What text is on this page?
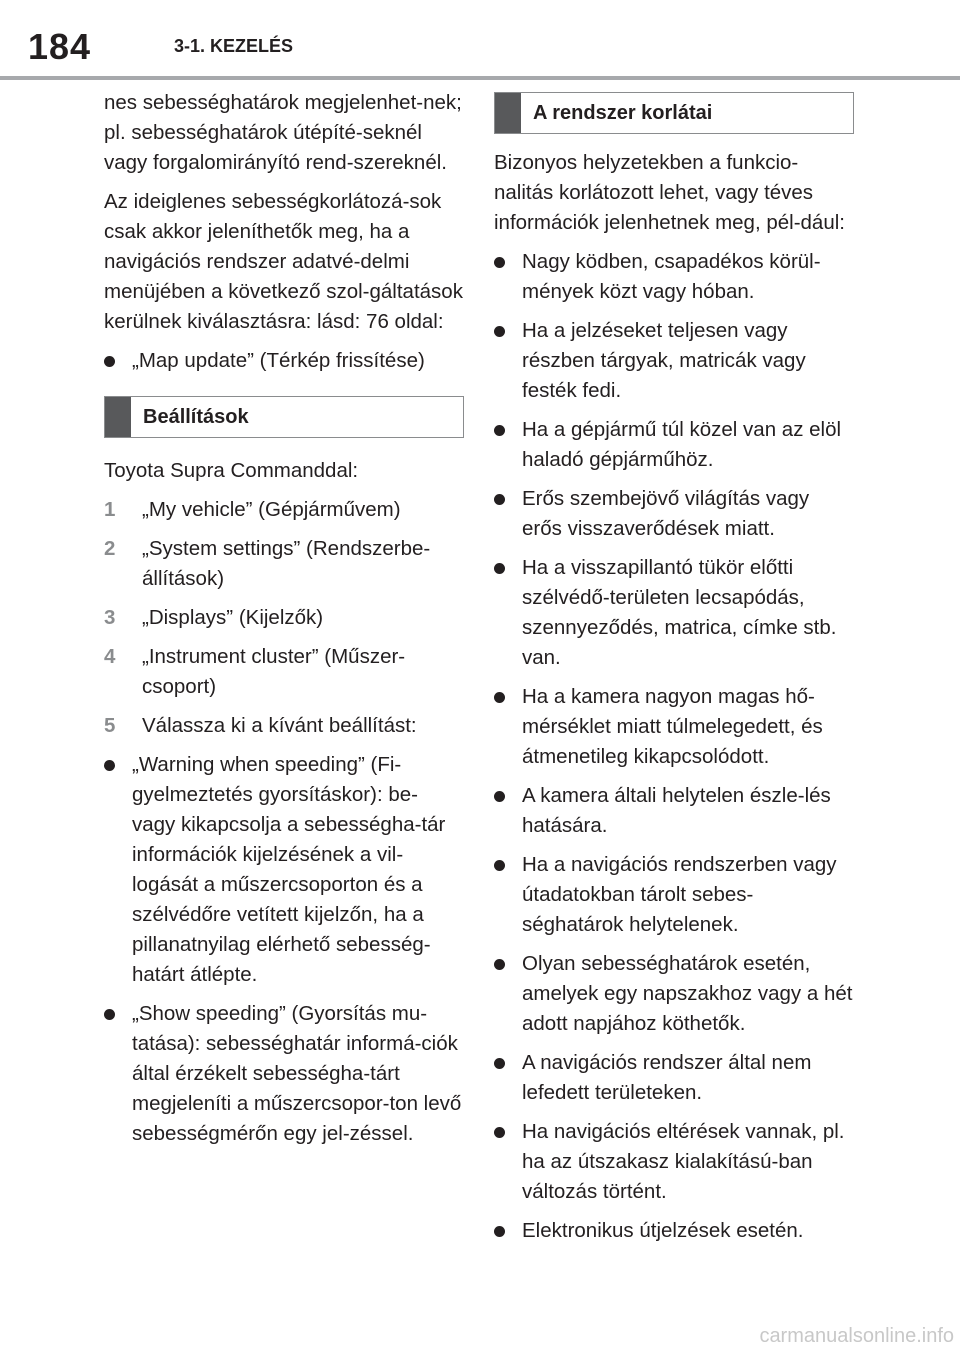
184	3-1. KEZELÉS

nes sebességhatárok megjelenhet-nek; pl. sebességhatárok útépíté-seknél vagy forgalomirányító rend-szereknél.

Az ideiglenes sebességkorlátozá-sok csak akkor jeleníthetők meg, ha a navigációs rendszer adatvé-delmi menüjében a következő szol-gáltatások kerülnek kiválasztásra: lásd: 76 oldal:

„Map update” (Térkép frissítése)
Beállítások

Toyota Supra Commanddal:

1 „My vehicle” (Gépjárművem)
2 „System settings” (Rendszerbe-állítások)
3 „Displays” (Kijelzők)
4 „Instrument cluster” (Műszer-csoport)
5 Válassza ki a kívánt beállítást:
„Warning when speeding” (Fi-gyelmeztetés gyorsításkor): be- vagy kikapcsolja a sebességha-tár információk kijelzésének a vil-logását a műszercsoporton és a szélvédőre vetített kijelzőn, ha a pillanatnyilag elérhető sebesség-határt átlépte.
„Show speeding” (Gyorsítás mu-tatása): sebességhatár informá-ciók által érzékelt sebességha-tárt megjeleníti a műszercsopor-ton levő sebességmérőn egy jel-zéssel.
A rendszer korlátai

Bizonyos helyzetekben a funkcio-nalitás korlátozott lehet, vagy téves információk jelenhetnek meg, pél-dául:

Nagy ködben, csapadékos körül-mények közt vagy hóban.
Ha a jelzéseket teljesen vagy részben tárgyak, matricák vagy festék fedi.
Ha a gépjármű túl közel van az elöl haladó gépjárműhöz.
Erős szembejövő világítás vagy erős visszaverődések miatt.
Ha a visszapillantó tükör előtti szélvédő-területen lecsapódás, szennyeződés, matrica, címke stb. van.
Ha a kamera nagyon magas hő-mérséklet miatt túlmelegedett, és átmenetileg kikapcsolódott.
A kamera általi helytelen észle-lés hatására.
Ha a navigációs rendszerben vagy útadatokban tárolt sebes-séghatárok helytelenek.
Olyan sebességhatárok esetén, amelyek egy napszakhoz vagy a hét adott napjához köthetők.
A navigációs rendszer által nem lefedett területeken.
Ha navigációs eltérések vannak, pl. ha az útszakasz kialakítású-ban változás történt.
Elektronikus útjelzések esetén.
carmanualsonline.info
